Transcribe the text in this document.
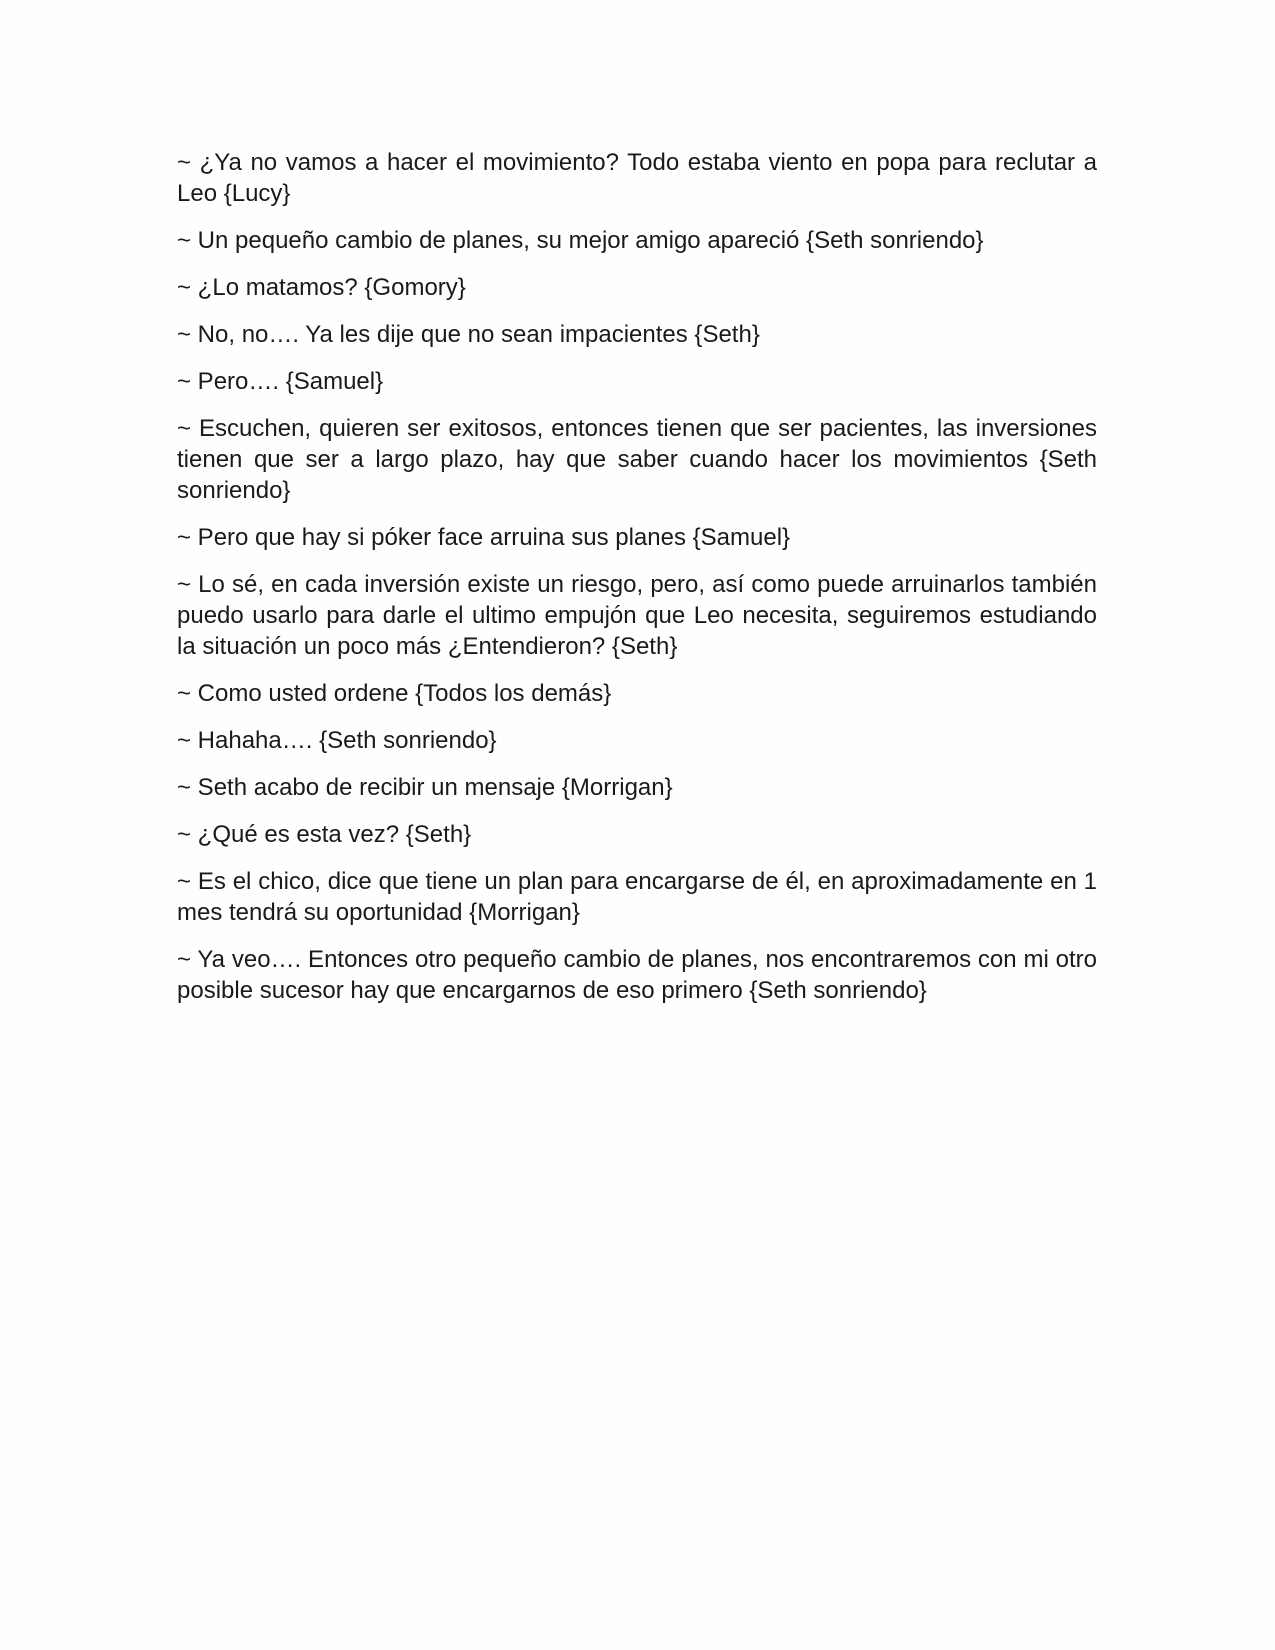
~ ¿Ya no vamos a hacer el movimiento? Todo estaba viento en popa para reclutar a Leo {Lucy}

~ Un pequeño cambio de planes, su mejor amigo apareció {Seth sonriendo}

~ ¿Lo matamos? {Gomory}

~ No, no…. Ya les dije que no sean impacientes {Seth}

~ Pero…. {Samuel}

~ Escuchen, quieren ser exitosos, entonces tienen que ser pacientes, las inversiones tienen que ser a largo plazo, hay que saber cuando hacer los movimientos {Seth sonriendo}

~ Pero que hay si póker face arruina sus planes {Samuel}

~ Lo sé, en cada inversión existe un riesgo, pero, así como puede arruinarlos también puedo usarlo para darle el ultimo empujón que Leo necesita, seguiremos estudiando la situación un poco más ¿Entendieron? {Seth}

~ Como usted ordene {Todos los demás}

~ Hahaha…. {Seth sonriendo}

~ Seth acabo de recibir un mensaje {Morrigan}

~ ¿Qué es esta vez? {Seth}

~ Es el chico, dice que tiene un plan para encargarse de él, en aproximadamente en 1 mes tendrá su oportunidad {Morrigan}

~ Ya veo…. Entonces otro pequeño cambio de planes, nos encontraremos con mi otro posible sucesor hay que encargarnos de eso primero {Seth sonriendo}
